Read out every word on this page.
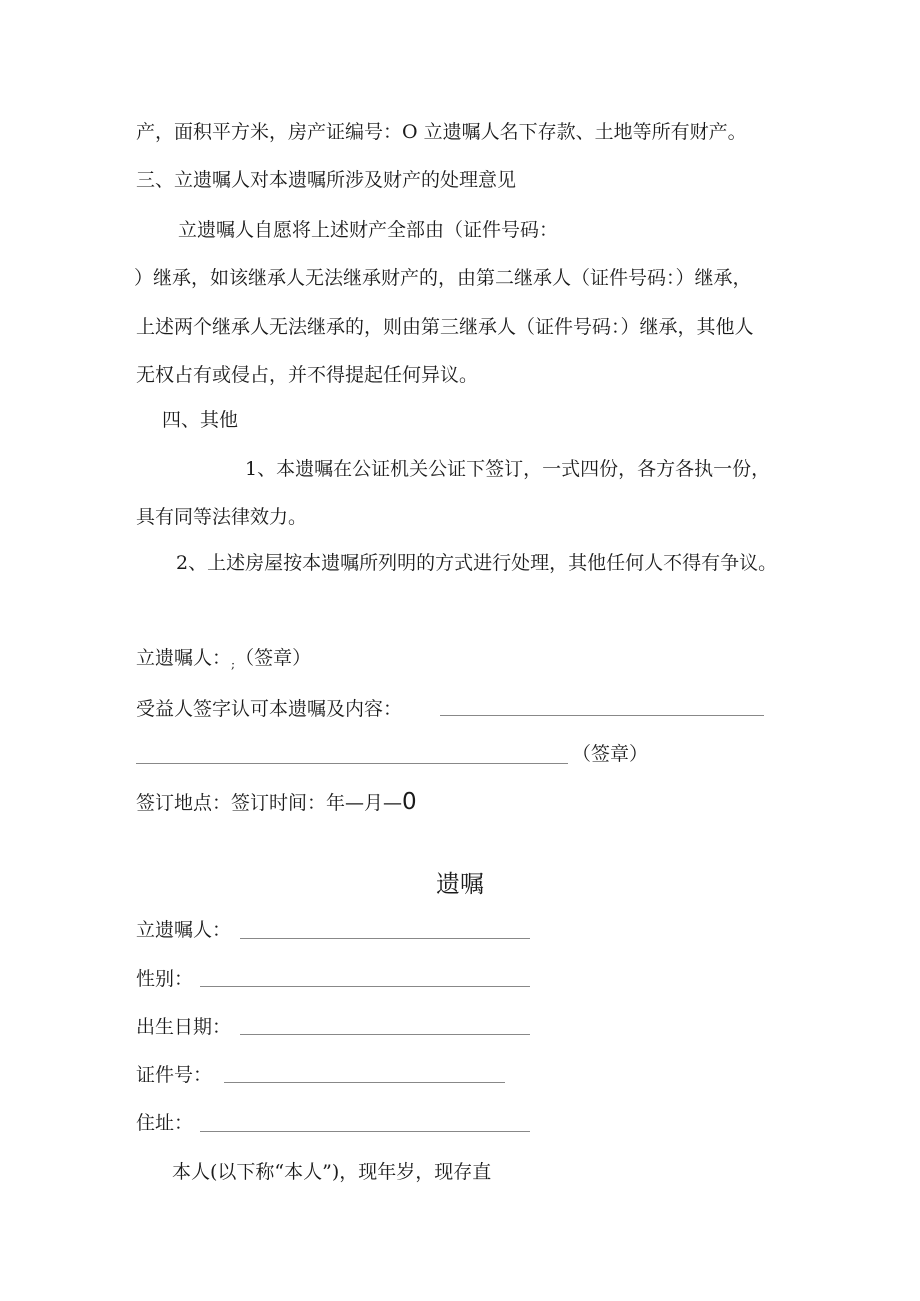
产，面积平方米，房产证编号：O 立遗嘱人名下存款、土地等所有财产。
三、立遗嘱人对本遗嘱所涉及财产的处理意见
立遗嘱人自愿将上述财产全部由（证件号码：
）继承，如该继承人无法继承财产的，由第二继承人（证件号码：）继承，
上述两个继承人无法继承的，则由第三继承人（证件号码：）继承，其他人
无权占有或侵占，并不得提起任何异议。
四、其他
1、本遗嘱在公证机关公证下签订，一式四份，各方各执一份，
具有同等法律效力。
2、上述房屋按本遗嘱所列明的方式进行处理，其他任何人不得有争议。
立遗嘱人：$_;$（签章）
受益人签字认可本遗嘱及内容：
（签章）
签订地点：签订时间：年—月—0
遗嘱
立遗嘱人：
性别：
出生日期：
证件号：
住址：
本人(以下称“本人”)，现年岁，现存直
